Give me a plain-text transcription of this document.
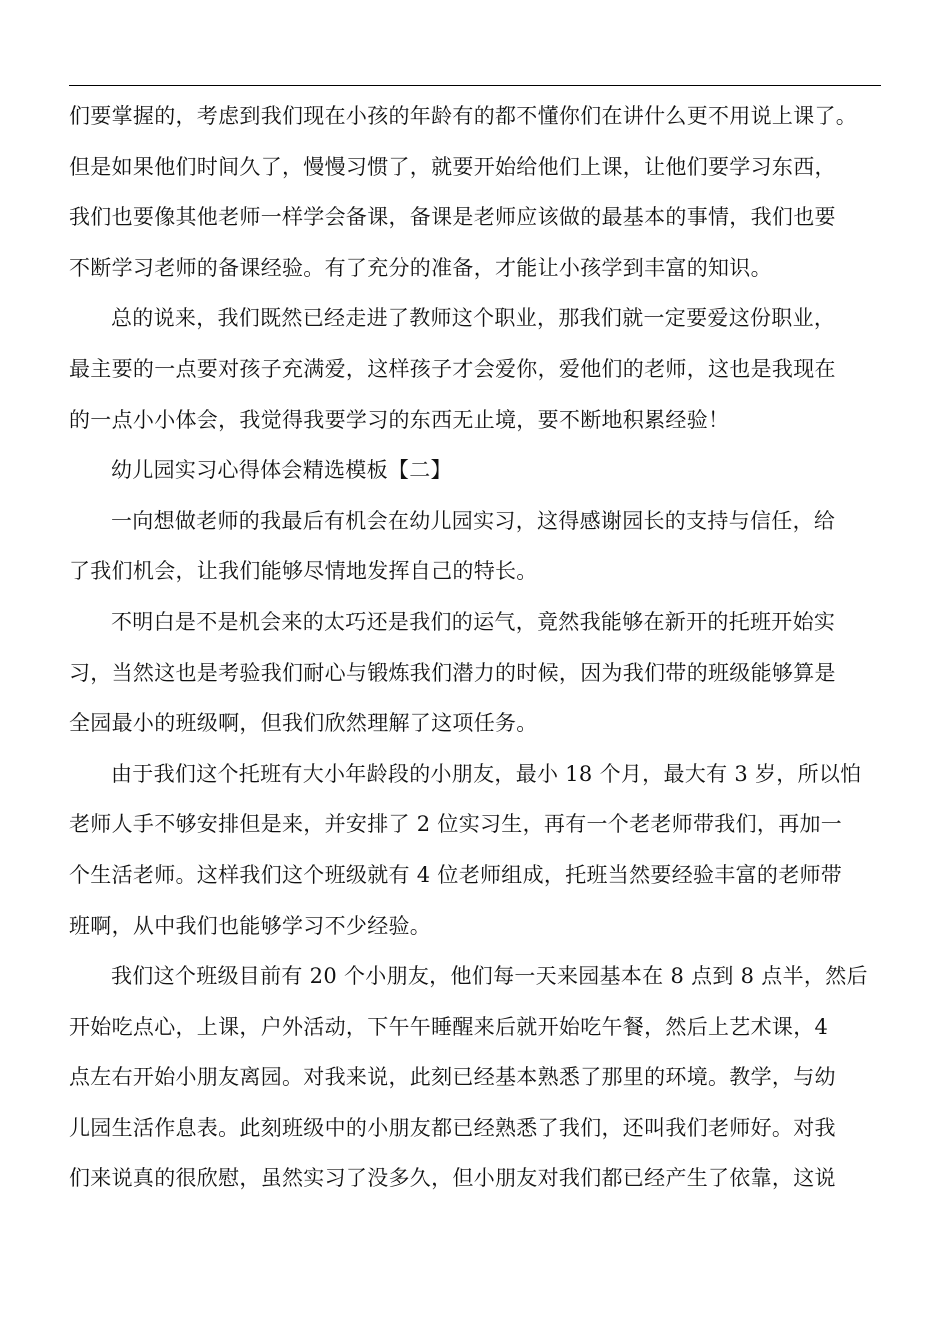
们要掌握的，考虑到我们现在小孩的年龄有的都不懂你们在讲什么更不用说上课了。
但是如果他们时间久了，慢慢习惯了，就要开始给他们上课，让他们要学习东西，
我们也要像其他老师一样学会备课，备课是老师应该做的最基本的事情，我们也要
不断学习老师的备课经验。有了充分的准备，才能让小孩学到丰富的知识。
总的说来，我们既然已经走进了教师这个职业，那我们就一定要爱这份职业，
最主要的一点要对孩子充满爱，这样孩子才会爱你，爱他们的老师，这也是我现在
的一点小小体会，我觉得我要学习的东西无止境，要不断地积累经验！
幼儿园实习心得体会精选模板【二】
一向想做老师的我最后有机会在幼儿园实习，这得感谢园长的支持与信任，给
了我们机会，让我们能够尽情地发挥自己的特长。
不明白是不是机会来的太巧还是我们的运气，竟然我能够在新开的托班开始实
习，当然这也是考验我们耐心与锻炼我们潜力的时候，因为我们带的班级能够算是
全园最小的班级啊，但我们欣然理解了这项任务。
由于我们这个托班有大小年龄段的小朋友，最小 18 个月，最大有 3 岁，所以怕
老师人手不够安排但是来，并安排了 2 位实习生，再有一个老老师带我们，再加一
个生活老师。这样我们这个班级就有 4 位老师组成，托班当然要经验丰富的老师带
班啊，从中我们也能够学习不少经验。
我们这个班级目前有 20 个小朋友，他们每一天来园基本在 8 点到 8 点半，然后
开始吃点心，上课，户外活动，下午午睡醒来后就开始吃午餐，然后上艺术课，4
点左右开始小朋友离园。对我来说，此刻已经基本熟悉了那里的环境。教学，与幼
儿园生活作息表。此刻班级中的小朋友都已经熟悉了我们，还叫我们老师好。对我
们来说真的很欣慰，虽然实习了没多久，但小朋友对我们都已经产生了依靠，这说
